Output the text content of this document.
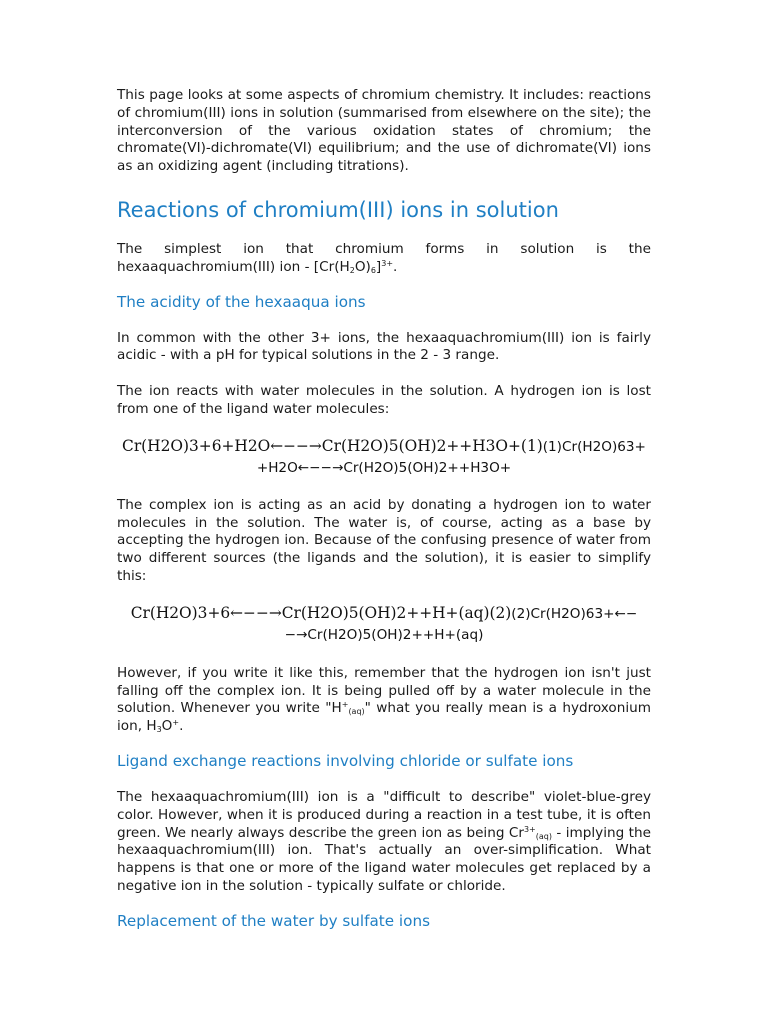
This page looks at some aspects of chromium chemistry. It includes: reactions of chromium(III) ions in solution (summarised from elsewhere on the site); the interconversion of the various oxidation states of chromium; the chromate(VI)-dichromate(VI) equilibrium; and the use of dichromate(VI) ions as an oxidizing agent (including titrations).

Reactions of chromium(III) ions in solution

The simplest ion that chromium forms in solution is the hexaaquachromium(III) ion - $[Cr(H_2O)_6]^{3+}$.

The acidity of the hexaaqua ions

In common with the other 3+ ions, the hexaaquachromium(III) ion is fairly acidic - with a pH for typical solutions in the 2 - 3 range.

The ion reacts with water molecules in the solution. A hydrogen ion is lost from one of the ligand water molecules:

Cr(H2O)3+6+H2O←−−→Cr(H2O)5(OH)2++H3O+(1)(1)Cr(H2O)63+
+H2O←−−→Cr(H2O)5(OH)2++H3O+

The complex ion is acting as an acid by donating a hydrogen ion to water molecules in the solution. The water is, of course, acting as a base by accepting the hydrogen ion. Because of the confusing presence of water from two different sources (the ligands and the solution), it is easier to simplify this:

Cr(H2O)3+6←−−→Cr(H2O)5(OH)2++H+(aq)(2)(2)Cr(H2O)63+←−
−→Cr(H2O)5(OH)2++H+(aq)

However, if you write it like this, remember that the hydrogen ion isn't just falling off the complex ion. It is being pulled off by a water molecule in the solution. Whenever you write "$H^+_{(aq)}$" what you really mean is a hydroxonium ion, $H_3O^+$.

Ligand exchange reactions involving chloride or sulfate ions

The hexaaquachromium(III) ion is a "difficult to describe" violet-blue-grey color. However, when it is produced during a reaction in a test tube, it is often green. We nearly always describe the green ion as being $Cr^{3+}_{(aq)}$ - implying the hexaaquachromium(III) ion. That's actually an over-simplification. What happens is that one or more of the ligand water molecules get replaced by a negative ion in the solution - typically sulfate or chloride.

Replacement of the water by sulfate ions
